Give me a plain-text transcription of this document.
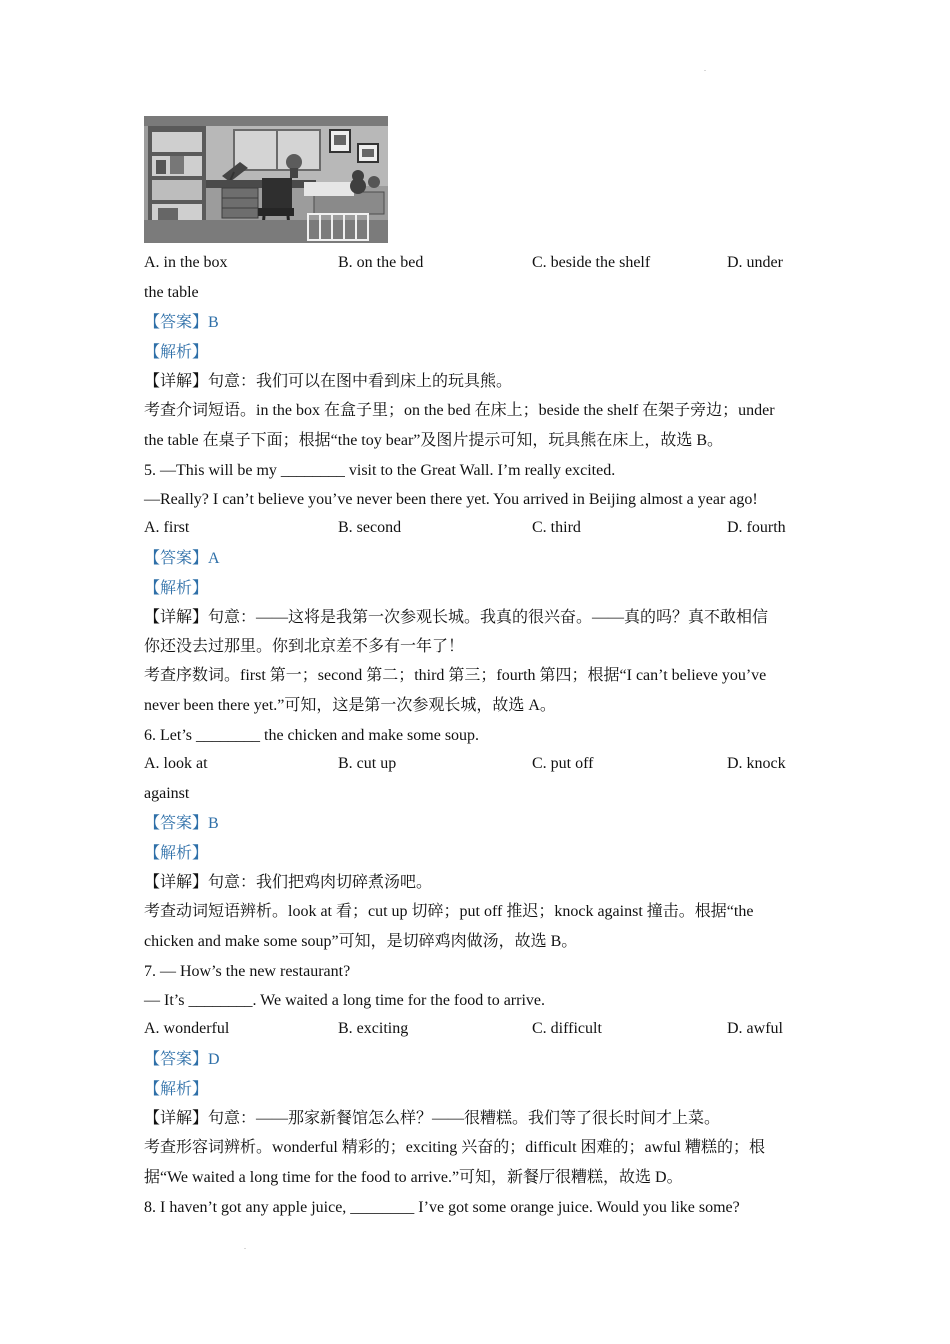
.
A. in the box	B. on the bed	C. beside the shelf	D. under
the table
【答案】B
【解析】
【详解】句意：我们可以在图中看到床上的玩具熊。
考查介词短语。in the box 在盒子里；on the bed 在床上；beside the shelf 在架子旁边；under
the table 在桌子下面；根据“the toy bear”及图片提示可知，玩具熊在床上，故选 B。
5. —This will be my ________ visit to the Great Wall. I’m really excited.
—Really? I can’t believe you’ve never been there yet. You arrived in Beijing almost a year ago!
A. first	B. second	C. third	D. fourth
【答案】A
【解析】
【详解】句意：——这将是我第一次参观长城。我真的很兴奋。——真的吗？真不敢相信
你还没去过那里。你到北京差不多有一年了！
考查序数词。first 第一；second 第二；third 第三；fourth 第四；根据“I can’t believe you’ve
never been there yet.”可知，这是第一次参观长城，故选 A。
6. Let’s ________ the chicken and make some soup.
A. look at	B. cut up	C. put off	D. knock
against
【答案】B
【解析】
【详解】句意：我们把鸡肉切碎煮汤吧。
考查动词短语辨析。look at 看；cut up 切碎；put off 推迟；knock against 撞击。根据“the
chicken and make some soup”可知，是切碎鸡肉做汤，故选 B。
7. — How’s the new restaurant?
— It’s ________. We waited a long time for the food to arrive.
A. wonderful	B. exciting	C. difficult	D. awful
【答案】D
【解析】
【详解】句意：——那家新餐馆怎么样？——很糟糕。我们等了很长时间才上菜。
考查形容词辨析。wonderful 精彩的；exciting 兴奋的；difficult 困难的；awful 糟糕的；根
据“We waited a long time for the food to arrive.”可知，新餐厅很糟糕，故选 D。
8. I haven’t got any apple juice, ________ I’ve got some orange juice. Would you like some?
.
